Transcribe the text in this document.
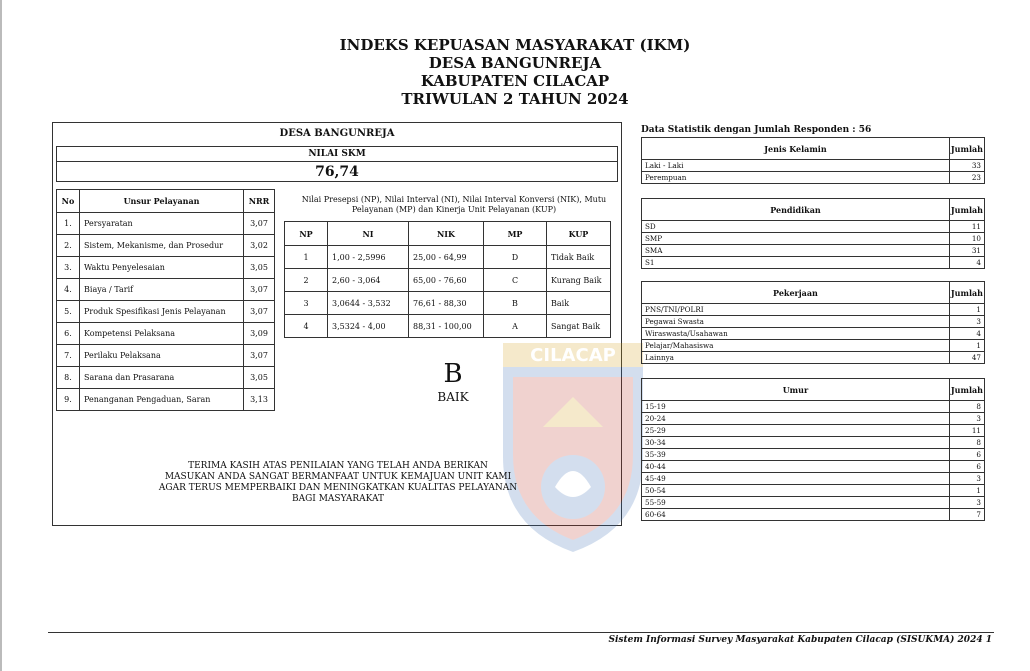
INDEKS KEPUASAN MASYARAKAT (IKM)
DESA BANGUNREJA
KABUPATEN CILACAP
TRIWULAN 2 TAHUN 2024
CILACAP
DESA BANGUNREJA
NILAI SKM
76,74
No	Unsur Pelayanan	NRR
1.	Persyaratan	3,07
2.	Sistem, Mekanisme, dan Prosedur	3,02
3.	Waktu Penyelesaian	3,05
4.	Biaya / Tarif	3,07
5.	Produk Spesifikasi Jenis Pelayanan	3,07
6.	Kompetensi Pelaksana	3,09
7.	Perilaku Pelaksana	3,07
8.	Sarana dan Prasarana	3,05
9.	Penanganan Pengaduan, Saran	3,13
Nilai Presepsi (NP), Nilai Interval (NI), Nilai Interval Konversi (NIK), Mutu Pelayanan (MP) dan Kinerja Unit Pelayanan (KUP)
NP	NI	NIK	MP	KUP
1	1,00 - 2,5996	25,00 - 64,99	D	Tidak Baik
2	2,60 - 3,064	65,00 - 76,60	C	Kurang Baik
3	3,0644 - 3,532	76,61 - 88,30	B	Baik
4	3,5324 - 4,00	88,31 - 100,00	A	Sangat Baik
B
BAIK
TERIMA KASIH ATAS PENILAIAN YANG TELAH ANDA BERIKAN
MASUKAN ANDA SANGAT BERMANFAAT UNTUK KEMAJUAN UNIT KAMI
AGAR TERUS MEMPERBAIKI DAN MENINGKATKAN KUALITAS PELAYANAN
BAGI MASYARAKAT
Data Statistik dengan Jumlah Responden : 56
Jenis Kelamin	Jumlah
Laki - Laki	33
Perempuan	23
Pendidikan	Jumlah
SD	11
SMP	10
SMA	31
S1	4
Pekerjaan	Jumlah
PNS/TNI/POLRI	1
Pegawai Swasta	3
Wiraswasta/Usahawan	4
Pelajar/Mahasiswa	1
Lainnya	47
Umur	Jumlah
15-19	8
20-24	3
25-29	11
30-34	8
35-39	6
40-44	6
45-49	3
50-54	1
55-59	3
60-64	7
Sistem Informasi Survey Masyarakat Kabupaten Cilacap (SISUKMA) 2024 1
